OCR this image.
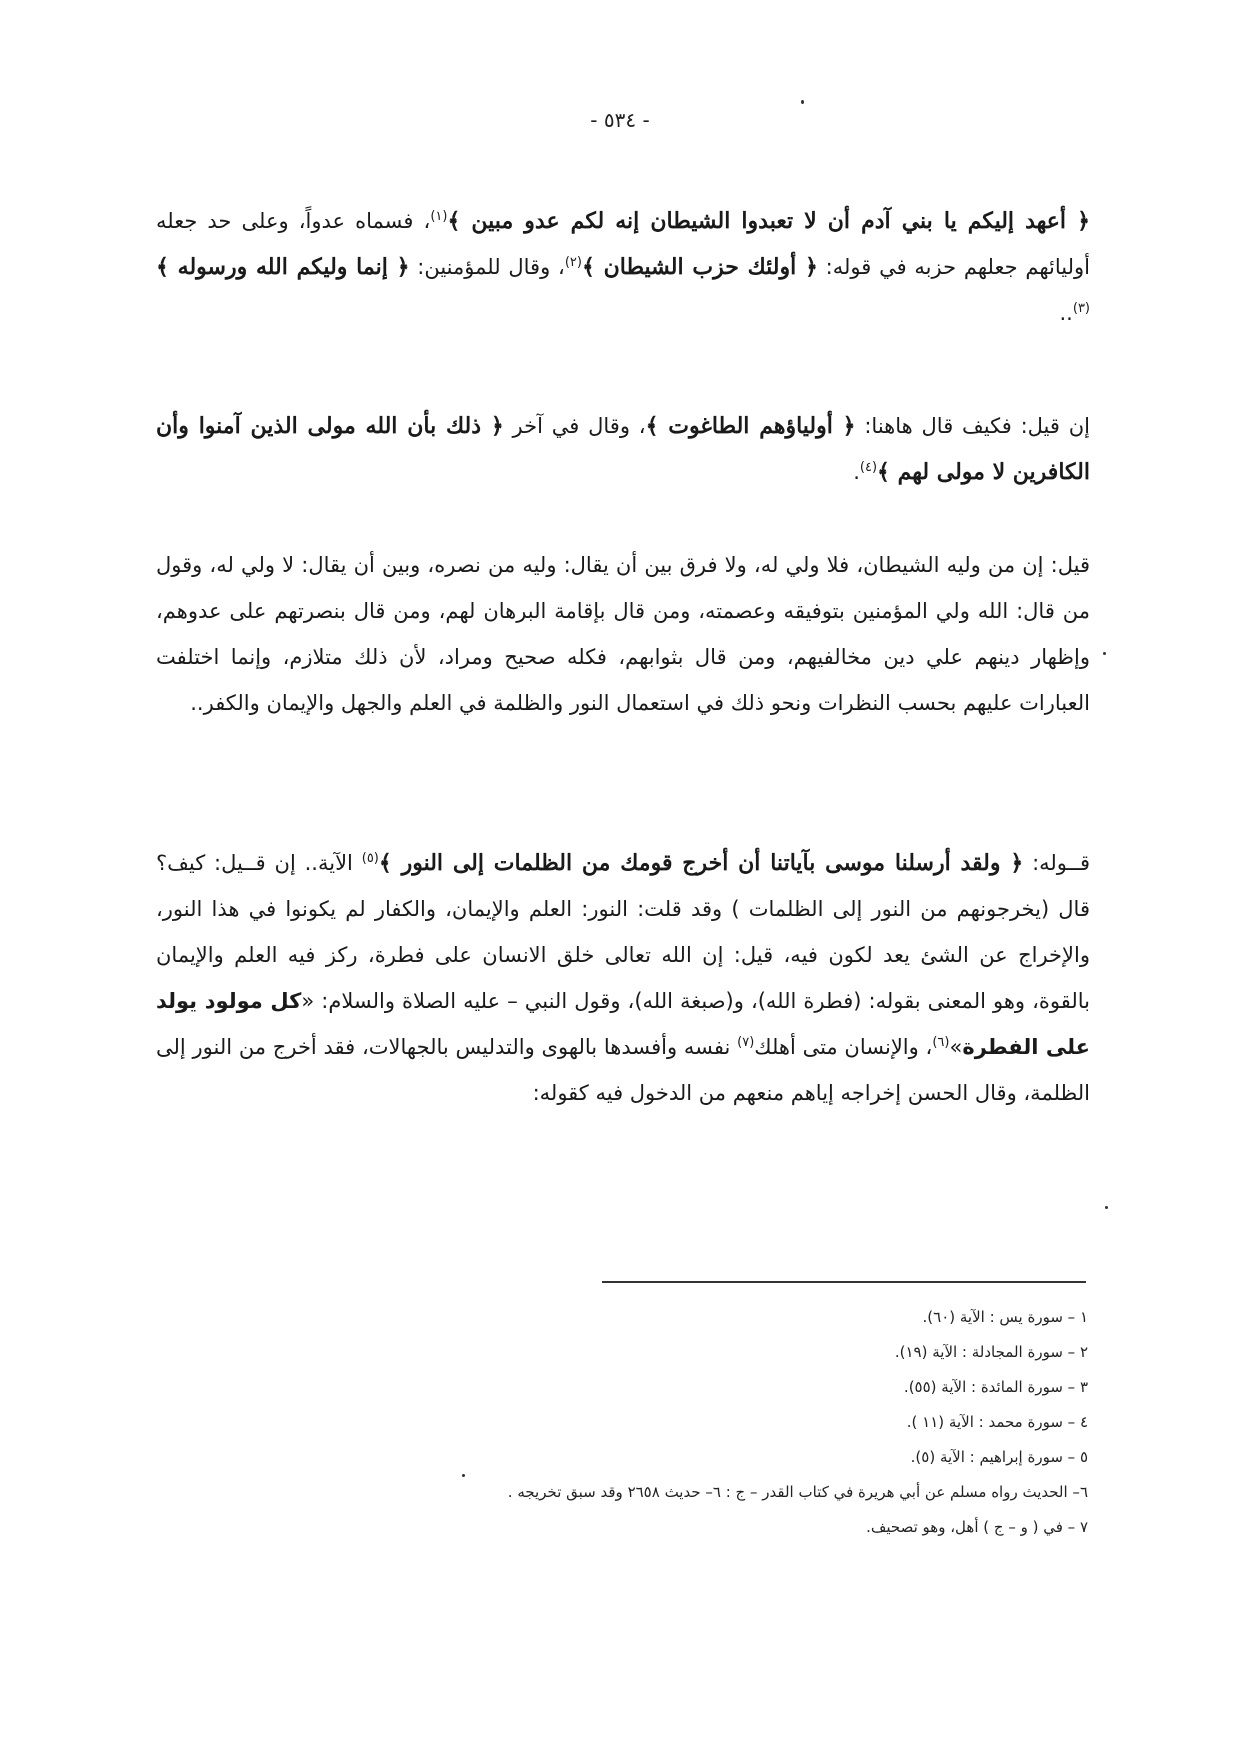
- ٥٣٤ -

﴿ أعهد إليكم يا بني آدم أن لا تعبدوا الشيطان إنه لكم عدو مبين ﴾$^{(١)}$، فسماه عدواً، وعلى حد جعله أوليائهم جعلهم حزبه في قوله: ﴿ أولئك حزب الشيطان ﴾$^{(٢)}$، وقال للمؤمنين: ﴿ إنما وليكم الله ورسوله ﴾$^{(٣)}$..

إن قيل: فكيف قال هاهنا: ﴿ أولياؤهم الطاغوت ﴾، وقال في آخر ﴿ ذلك بأن الله مولى الذين آمنوا وأن الكافرين لا مولى لهم ﴾$^{(٤)}$.

قيل: إن من وليه الشيطان، فلا ولي له، ولا فرق بين أن يقال: وليه من نصره، وبين أن يقال: لا ولي له، وقول من قال: الله ولي المؤمنين بتوفيقه وعصمته، ومن قال بإقامة البرهان لهم، ومن قال بنصرتهم على عدوهم، وإظهار دينهم علي دين مخالفيهم، ومن قال بثوابهم، فكله صحيح ومراد، لأن ذلك متلازم، وإنما اختلفت العبارات عليهم بحسب النظرات ونحو ذلك في استعمال النور والظلمة في العلم والجهل والإيمان والكفر..

قــوله: ﴿ ولقد أرسلنا موسى بآياتنا أن أخرج قومك من الظلمات إلى النور ﴾$^{(٥)}$ الآية.. إن قــيل: كيف؟ قال (يخرجونهم من النور إلى الظلمات ) وقد قلت: النور: العلم والإيمان، والكفار لم يكونوا في هذا النور، والإخراج عن الشئ يعد لكون فيه، قيل: إن الله تعالى خلق الانسان على فطرة، ركز فيه العلم والإيمان بالقوة، وهو المعنى بقوله: (فطرة الله)، و(صبغة الله)، وقول النبي – عليه الصلاة والسلام: «كل مولود يولد على الفطرة»$^{(٦)}$، والإنسان متى أهلك$^{(٧)}$ نفسه وأفسدها بالهوى والتدليس بالجهالات، فقد أخرج من النور إلى الظلمة، وقال الحسن إخراجه إياهم منعهم من الدخول فيه كقوله:

١ – سورة يس : الآية (٦٠).
٢ – سورة المجادلة : الآية (١٩).
٣ – سورة المائدة : الآية (٥٥).
٤ – سورة محمد : الآية (١١ ).
٥ – سورة إبراهيم : الآية (٥).
٦– الحديث رواه مسلم عن أبي هريرة في كتاب القدر – ج : ٦– حديث ٢٦٥٨ وقد سبق تخريجه .
٧ – في ( و – ج ) أهل، وهو تصحيف.
